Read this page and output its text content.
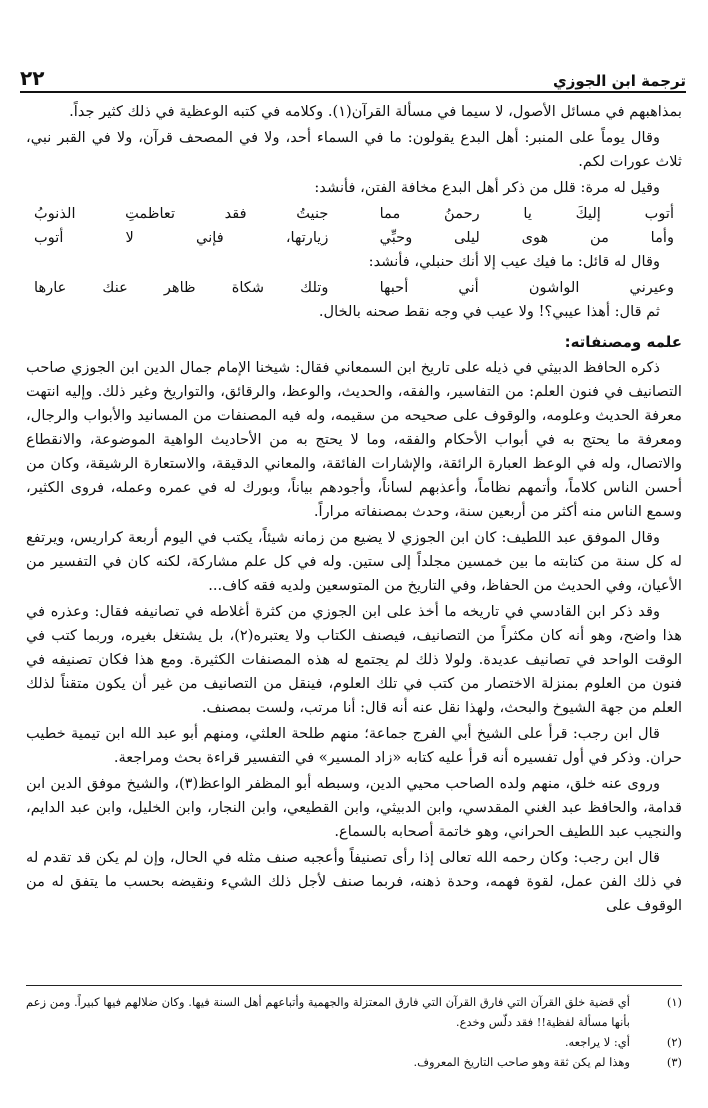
ترجمة ابن الجوزي
٢٢

بمذاهبهم في مسائل الأصول، لا سيما في مسألة القرآن(١). وكلامه في كتبه الوعظية في ذلك كثير جداً.

وقال يوماً على المنبر: أهل البدع يقولون: ما في السماء أحد، ولا في المصحف قرآن، ولا في القبر نبي، ثلاث عورات لكم.

وقيل له مرة: قلل من ذكر أهل البدع مخافة الفتن، فأنشد:

أتوب إليكَ يا رحمنُ مما
جنيتُ فقد تعاظمتِ الذنوبُ
وأما من هوى ليلى وحبِّي
زيارتها، فإني لا أتوب

وقال له قائل: ما فيك عيب إلا أنك حنبلي، فأنشد:

وعيرني الواشون أني أحبها
وتلك شكاة ظاهر عنك عارها

ثم قال: أهذا عيبي؟! ولا عيب في وجه نقط صحنه بالخال.

علمه ومصنفاته:

ذكره الحافظ الدبيثي في ذيله على تاريخ ابن السمعاني فقال: شيخنا الإمام جمال الدين ابن الجوزي صاحب التصانيف في فنون العلم: من التفاسير، والفقه، والحديث، والوعظ، والرقائق، والتواريخ وغير ذلك. وإليه انتهت معرفة الحديث وعلومه، والوقوف على صحيحه من سقيمه، وله فيه المصنفات من المسانيد والأبواب والرجال، ومعرفة ما يحتج به في أبواب الأحكام والفقه، وما لا يحتج به من الأحاديث الواهية الموضوعة، والانقطاع والاتصال، وله في الوعظ العبارة الرائقة، والإشارات الفائقة، والمعاني الدقيقة، والاستعارة الرشيقة، وكان من أحسن الناس كلاماً، وأتمهم نظاماً، وأعذبهم لساناً، وأجودهم بياناً، وبورك له في عمره وعمله، فروى الكثير، وسمع الناس منه أكثر من أربعين سنة، وحدث بمصنفاته مراراً.

وقال الموفق عبد اللطيف: كان ابن الجوزي لا يضيع من زمانه شيئاً، يكتب في اليوم أربعة كراريس، ويرتفع له كل سنة من كتابته ما بين خمسين مجلداً إلى ستين. وله في كل علم مشاركة، لكنه كان في التفسير من الأعيان، وفي الحديث من الحفاظ، وفي التاريخ من المتوسعين ولديه فقه كاف...

وقد ذكر ابن القادسي في تاريخه ما أخذ على ابن الجوزي من كثرة أغلاطه في تصانيفه فقال: وعذره في هذا واضح، وهو أنه كان مكثراً من التصانيف، فيصنف الكتاب ولا يعتبره(٢)، بل يشتغل بغيره، وربما كتب في الوقت الواحد في تصانيف عديدة. ولولا ذلك لم يجتمع له هذه المصنفات الكثيرة. ومع هذا فكان تصنيفه في فنون من العلوم بمنزلة الاختصار من كتب في تلك العلوم، فينقل من التصانيف من غير أن يكون متقناً لذلك العلم من جهة الشيوخ والبحث، ولهذا نقل عنه أنه قال: أنا مرتب، ولست بمصنف.

قال ابن رجب: قرأ على الشيخ أبي الفرج جماعة؛ منهم طلحة العلثي، ومنهم أبو عبد الله ابن تيمية خطيب حران. وذكر في أول تفسيره أنه قرأ عليه كتابه «زاد المسير» في التفسير قراءة بحث ومراجعة.

وروى عنه خلق، منهم ولده الصاحب محيي الدين، وسبطه أبو المظفر الواعظ(٣)، والشيخ موفق الدين ابن قدامة، والحافظ عبد الغني المقدسي، وابن الدبيثي، وابن القطيعي، وابن النجار، وابن الخليل، وابن عبد الدايم، والنجيب عبد اللطيف الحراني، وهو خاتمة أصحابه بالسماع.

قال ابن رجب: وكان رحمه الله تعالى إذا رأى تصنيفاً وأعجبه صنف مثله في الحال، وإن لم يكن قد تقدم له في ذلك الفن عمل، لقوة فهمه، وحدة ذهنه، فربما صنف لأجل ذلك الشيء ونقيضه بحسب ما يتفق له من الوقوف على

(١)
أي قضية خلق القرآن التي فارق القرآن التي فارق المعتزلة والجهمية وأتباعهم أهل السنة فيها. وكان ضلالهم فيها كبيراً. ومن زعم بأنها مسألة لفظية!! فقد دلّس وخدع.
(٢)
أي: لا يراجعه.
(٣)
وهذا لم يكن ثقة وهو صاحب التاريخ المعروف.
